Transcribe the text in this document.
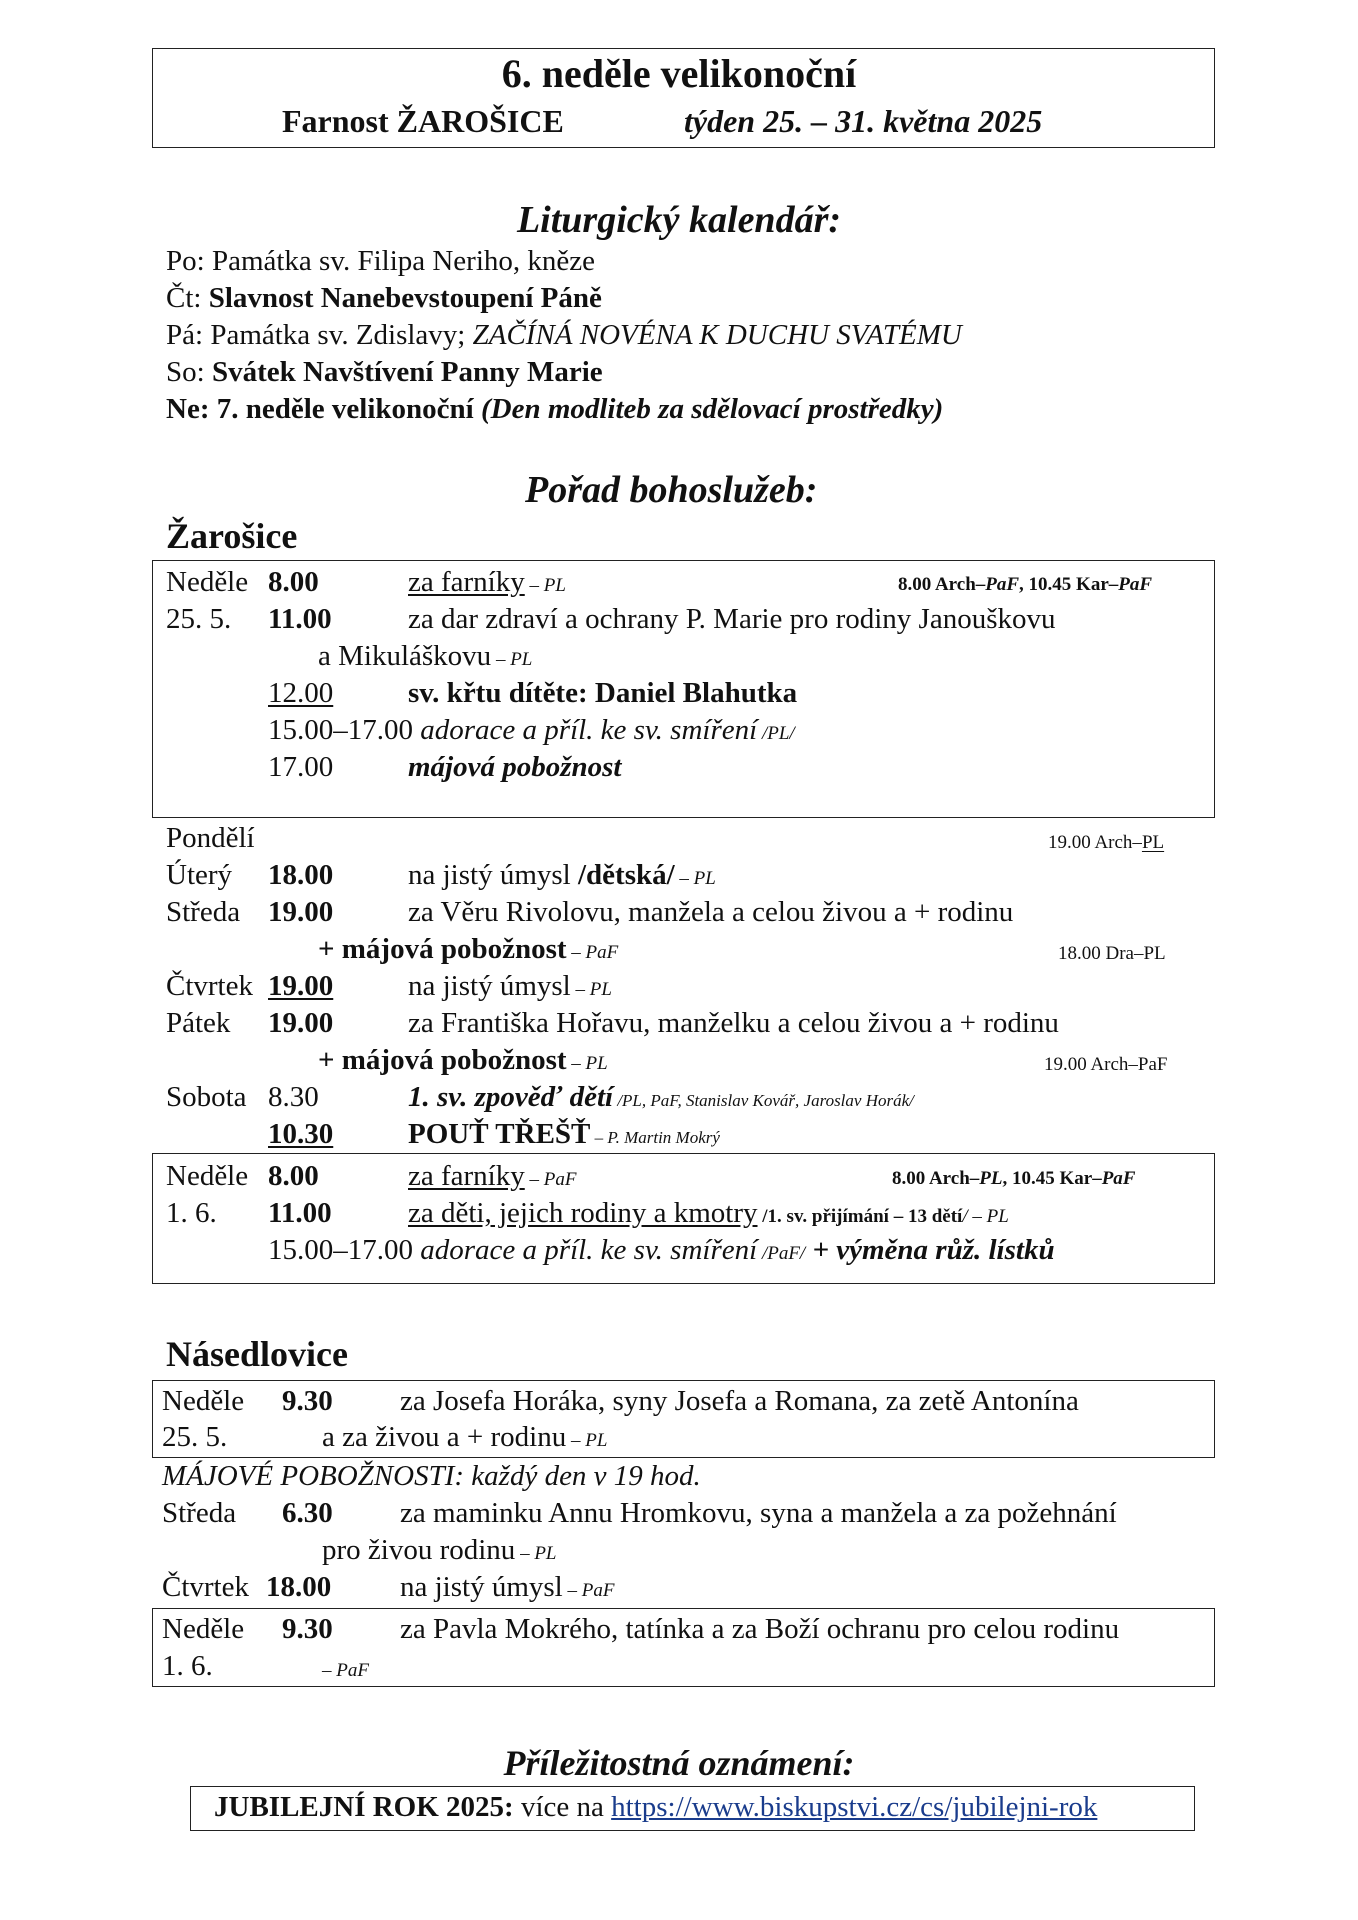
6. neděle velikonoční
Farnost ŽAROŠICE	týden 25. – 31. května 2025
Liturgický kalendář:
Po: Památka sv. Filipa Neriho, kněze
Čt: Slavnost Nanebevstoupení Páně
Pá: Památka sv. Zdislavy; ZAČÍNÁ NOVÉNA K DUCHU SVATÉMU
So: Svátek Navštívení Panny Marie
Ne: 7. neděle velikonoční (Den modliteb za sdělovací prostředky)
Pořad bohoslužeb:
Žarošice
Neděle 8.00	za farníky – PL	8.00 Arch–PaF, 10.45 Kar–PaF
25. 5. 11.00	za dar zdraví a ochrany P. Marie pro rodiny Janouškovu
a Mikuláškovu – PL
12.00	sv. křtu dítěte: Daniel Blahutka
15.00–17.00 adorace a příl. ke sv. smíření /PL/
17.00	májová pobožnost
Pondělí	19.00 Arch–PL
Úterý 18.00	na jistý úmysl /dětská/ – PL
Středa 19.00	za Věru Rivolovu, manžela a celou živou a + rodinu
+ májová pobožnost – PaF	18.00 Dra–PL
Čtvrtek 19.00	na jistý úmysl – PL
Pátek 19.00	za Františka Hořavu, manželku a celou živou a + rodinu
+ májová pobožnost – PL	19.00 Arch–PaF
Sobota 8.30	1. sv. zpověď dětí /PL, PaF, Stanislav Kovář, Jaroslav Horák/
10.30	POUŤ TŘEŠŤ – P. Martin Mokrý
Neděle 8.00	za farníky – PaF	8.00 Arch–PL, 10.45 Kar–PaF
1. 6. 11.00	za děti, jejich rodiny a kmotry /1. sv. přijímání – 13 dětí/ – PL
15.00–17.00 adorace a příl. ke sv. smíření /PaF/ + výměna růž. lístků
Násedlovice
Neděle 9.30 za Josefa Horáka, syny Josefa a Romana, za zetě Antonína
25. 5.	a za živou a + rodinu – PL
MÁJOVÉ POBOŽNOSTI: každý den v 19 hod.
Středa 6.30 za maminku Annu Hromkovu, syna a manžela a za požehnání
pro živou rodinu – PL
Čtvrtek 18.00 na jistý úmysl – PaF
Neděle 9.30 za Pavla Mokrého, tatínka a za Boží ochranu pro celou rodinu
1. 6.	– PaF
Příležitostná oznámení:
JUBILEJNÍ ROK 2025: více na https://www.biskupstvi.cz/cs/jubilejni-rok
